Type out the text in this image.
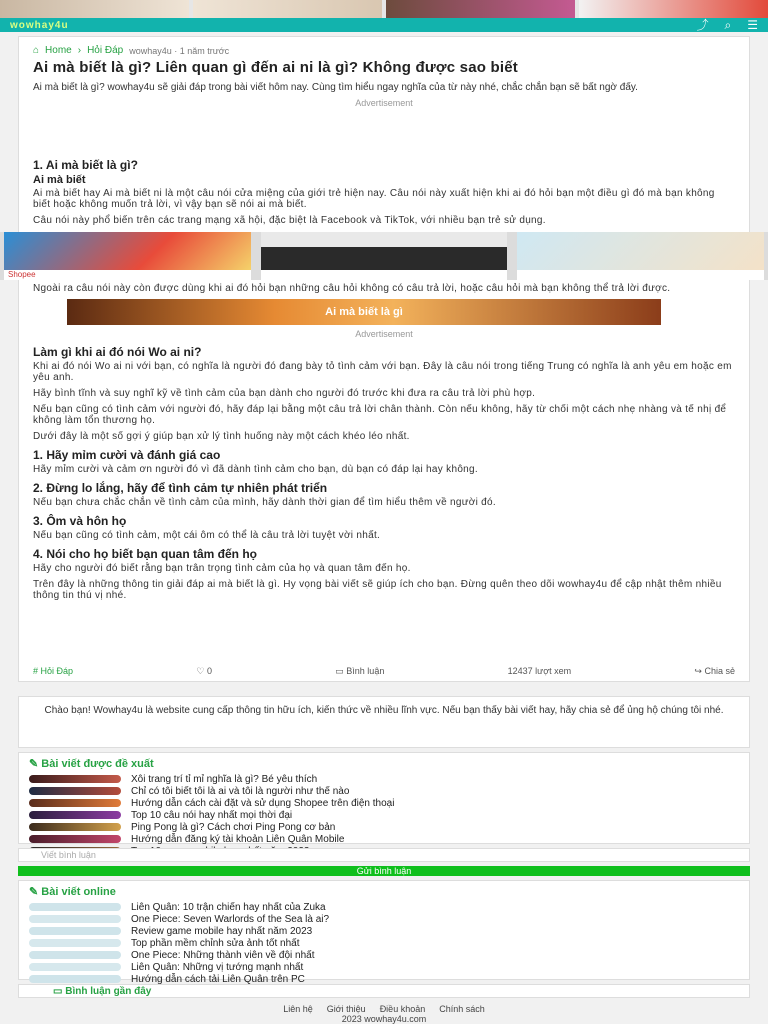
wowhay4u	⤴ ⌕ ☰
⌂ Home › Hỏi Đáp wowhay4u · 1 năm trước
Ai mà biết là gì? Liên quan gì đến ai ni là gì? Không được sao biết
Ai mà biết là gì? wowhay4u sẽ giải đáp trong bài viết hôm nay. Cùng tìm hiểu ngay nghĩa của từ này nhé, chắc chắn bạn sẽ bất ngờ đấy.
Advertisement
1. Ai mà biết là gì?
Ai mà biết
Ai mà biết hay Ai mà biết ni là một câu nói cửa miệng của giới trẻ hiện nay. Câu nói này xuất hiện khi ai đó hỏi bạn một điều gì đó mà bạn không biết hoặc không muốn trả lời, vì vậy bạn sẽ nói ai mà biết.
Câu nói này phổ biến trên các trang mạng xã hội, đặc biệt là Facebook và TikTok, với nhiều bạn trẻ sử dụng.
Ngoài ra câu nói này còn được dùng khi ai đó hỏi bạn những câu hỏi không có câu trả lời, hoặc câu hỏi mà bạn không thể trả lời được.
Ai mà biết là gì
Advertisement
Làm gì khi ai đó nói Wo ai ni?
Khi ai đó nói Wo ai ni với bạn, có nghĩa là người đó đang bày tỏ tình cảm với bạn. Đây là câu nói trong tiếng Trung có nghĩa là anh yêu em hoặc em yêu anh.
Hãy bình tĩnh và suy nghĩ kỹ về tình cảm của bạn dành cho người đó trước khi đưa ra câu trả lời phù hợp.
Nếu bạn cũng có tình cảm với người đó, hãy đáp lại bằng một câu trả lời chân thành. Còn nếu không, hãy từ chối một cách nhẹ nhàng và tế nhị để không làm tổn thương họ.
Dưới đây là một số gợi ý giúp bạn xử lý tình huống này một cách khéo léo nhất.
1. Hãy mỉm cười và đánh giá cao
Hãy mỉm cười và cảm ơn người đó vì đã dành tình cảm cho bạn, dù bạn có đáp lại hay không.
2. Đừng lo lắng, hãy để tình cảm tự nhiên phát triển
Nếu bạn chưa chắc chắn về tình cảm của mình, hãy dành thời gian để tìm hiểu thêm về người đó.
3. Ôm và hôn họ
Nếu bạn cũng có tình cảm, một cái ôm có thể là câu trả lời tuyệt vời nhất.
4. Nói cho họ biết bạn quan tâm đến họ
Hãy cho người đó biết rằng bạn trân trọng tình cảm của họ và quan tâm đến họ.
Trên đây là những thông tin giải đáp ai mà biết là gì. Hy vọng bài viết sẽ giúp ích cho bạn. Đừng quên theo dõi wowhay4u để cập nhật thêm nhiều thông tin thú vị nhé.
# Hỏi Đáp	♡ 0	▭ Bình luận	12437 lượt xem	↪ Chia sẻ
Shopee
Chào bạn! Wowhay4u là website cung cấp thông tin hữu ích, kiến thức về nhiều lĩnh vực. Nếu bạn thấy bài viết hay, hãy chia sẻ để ủng hộ chúng tôi nhé.
✎ Bài viết được đề xuất
Xôi trang trí tỉ mỉ nghĩa là gì? Bé yêu thích
Chỉ có tôi biết tôi là ai và tôi là người như thế nào
Hướng dẫn cách cài đặt và sử dụng Shopee trên điện thoại
Top 10 câu nói hay nhất mọi thời đại
Ping Pong là gì? Cách chơi Ping Pong cơ bản
Hướng dẫn đăng ký tài khoản Liên Quân Mobile
Viết bình luận
Gửi bình luận
✎ Bài viết online
Liên Quân: 10 trận chiến hay nhất của Zuka
One Piece: Seven Warlords of the Sea là ai?
Review game mobile hay nhất năm 2023
Top phần mềm chỉnh sửa ảnh tốt nhất
One Piece: Những thành viên về đội nhất
Liên Quân: Những vị tướng mạnh nhất
Hướng dẫn cách tải Liên Quân trên PC
▭ Bình luận gần đây
Liên hệ Giới thiệu Điều khoản Chính sách
2023 wowhay4u.com
